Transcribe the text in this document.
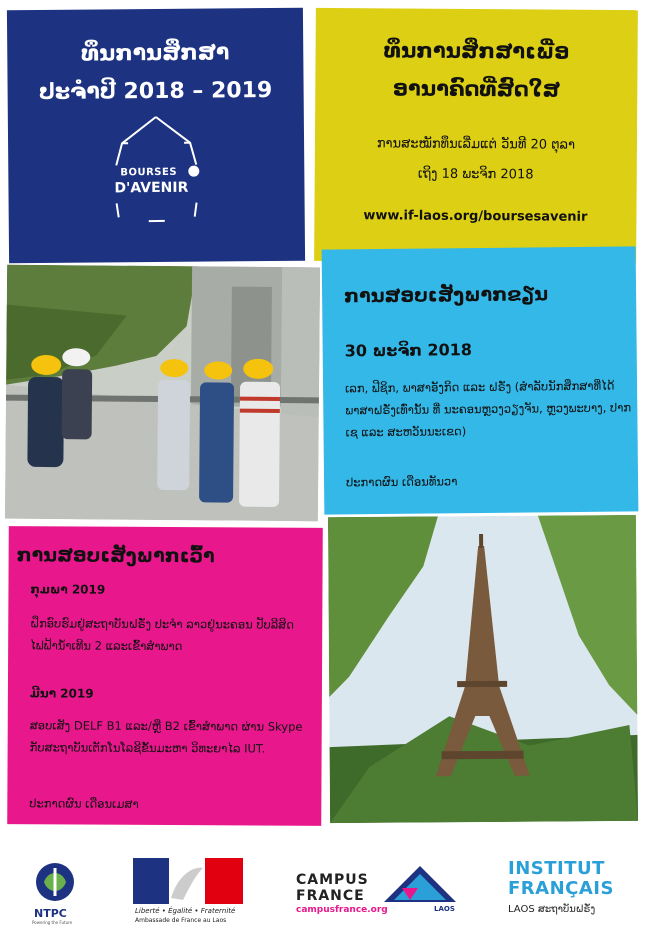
ທຶນການສຶກສາ
ປະຈຳປີ 2018 – 2019
BOURSES
D'AVENIR
ທຶນການສຶກສາເພື່ອ
ອານາຄົດທີ່ສົດໃສ
ການສະໝັກທຶນເລີ່ມແຕ່ ວັນທີ 20 ຕຸລາ
ເຖິງ 18 ພະຈິກ 2018
www.if-laos.org/boursesavenir
ການສອບເສັງພາກຂຽນ
30 ພະຈິກ 2018
ເລກ, ຟີຊິກ, ພາສາອັງກິດ ແລະ ຝຣັ່ງ (ສຳລັບນັກສຶກສາທີ່ໄດ້ພາສາຝຣັ່ງເທົ່ານັ້ນ ທີ່ ນະຄອນຫຼວງວຽງຈັນ, ຫຼວງພະບາງ, ປາກເຊ ແລະ ສະຫວັນນະເຂດ)
ປະກາດຜົນ ເດືອນທັນວາ
ການສອບເສັງພາກເວົ້າ
ກຸມພາ 2019
ຝຶກອົບຮົມຢູ່ສະຖາບັນຝຣັ່ງ ປະຈຳ ລາວຢູ່ນະຄອນ ປັບລີສິດໄຟຟ້ານ້ຳເທີນ 2 ແລະເຂົ້າສຳພາດ
ມີນາ 2019
ສອບເສັງ DELF B1 ແລະ/ຫຼື B2 ເຂົ້າສຳພາດ ຜ່ານ Skype ກັບສະຖາບັນເຕັກໂນໂລຊີຂັ້ນມະຫາ ວິທະຍາໄລ IUT.
ປະກາດຜົນ ເດືອນເມສາ
NTPC
Powering the Future
Liberté • Égalité • Fraternité
Ambassade de France au Laos
CAMPUS
FRANCE
campusfrance.org	LAOS
INSTITUT
FRANÇAIS
LAOS ສະຖາບັນຝຣັ່ງ
